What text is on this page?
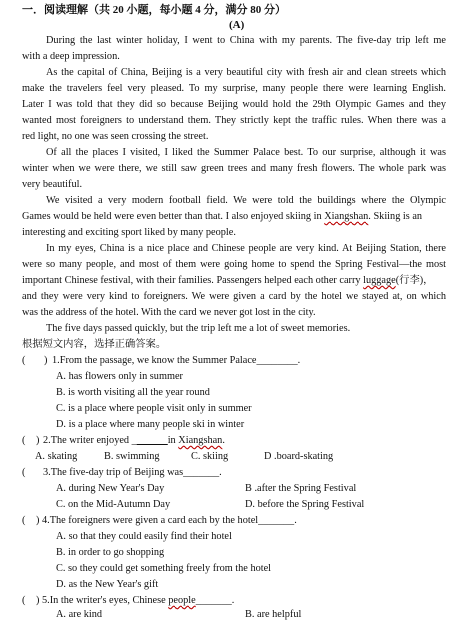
一．阅读理解（共 20 小题，每小题 4 分，满分 80 分）
(A)
During the last winter holiday, I went to China with my parents. The five-day trip left me
with a deep impression.
As the capital of China, Beijing is a very beautiful city with fresh air and clean streets which
make the travelers feel very pleased. To my surprise, many people there were learning English.
Later I was told that they did so because Beijing would hold the 29th Olympic Games and they
wanted most foreigners to understand them. They strictly kept the traffic rules. When there was a
red light, no one was seen crossing the street.
Of all the places I visited, I liked the Summer Palace best. To our surprise, although it was
winter when we were there, we still saw green trees and many fresh flowers. The whole park was
very beautiful.
We visited a very modern football field. We were told the buildings where the Olympic
Games would be held were even better than that. I also enjoyed skiing in Xiangshan. Skiing is an
interesting and exciting sport liked by many people.
In my eyes, China is a nice place and Chinese people are very kind. At Beijing Station, there
were so many people, and most of them were going home to spend the Spring Festival—the most
important Chinese festival, with their families. Passengers helped each other carry luggage(行李)，
and they were very kind to foreigners. We were given a card by the hotel we stayed at, on which
was the address of the hotel. With the card we never got lost in the city.
The five days passed quickly, but the trip left me a lot of sweet memories.
根据短文内容，选择正确答案。
( ) 1.From the passage, we know the Summer Palace________.
A. has flowers only in summer
B. is worth visiting all the year round
C. is a place where people visit only in summer
D. is a place where many people ski in winter
( ) 2.The writer enjoyed _______in Xiangshan.
A. skating	B. swimming	C. skiing	D .board-skating
( 3.The five-day trip of Beijing was_______.
A. during New Year's Day	B .after the Spring Festival
C. on the Mid-Autumn Day	D. before the Spring Festival
( ) 4.The foreigners were given a card each by the hotel_______.
A. so that they could easily find their hotel
B. in order to go shopping
C. so they could get something freely from the hotel
D. as the New Year's gift
( ) 5.In the writer's eyes, Chinese people_______.
A. are kind	B. are helpful
